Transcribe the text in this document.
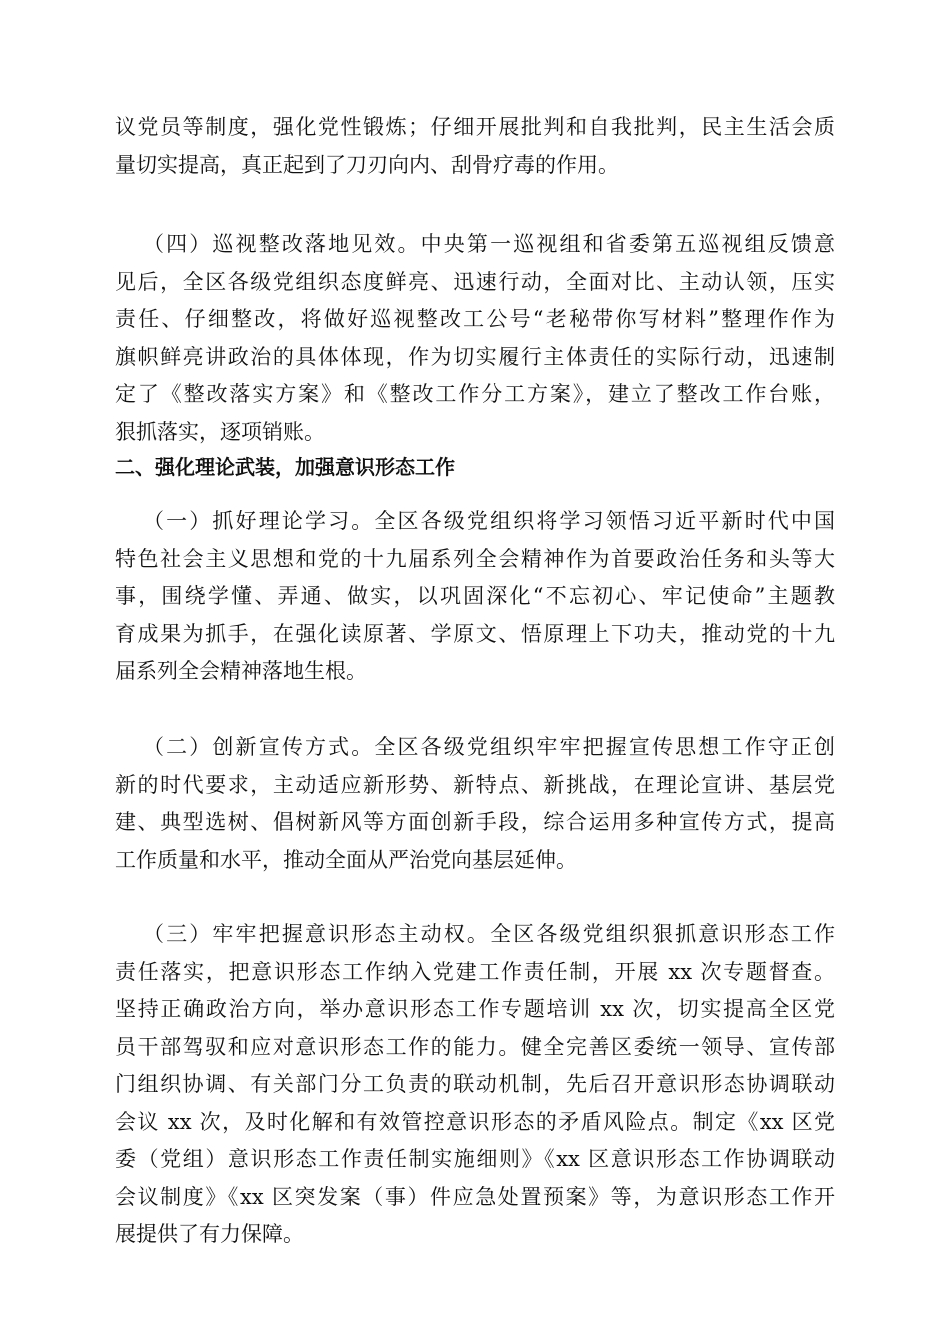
议党员等制度，强化党性锻炼；仔细开展批判和自我批判，民主生活会质
量切实提高，真正起到了刀刃向内、刮骨疗毒的作用。
（四）巡视整改落地见效。中央第一巡视组和省委第五巡视组反馈意
见后，全区各级党组织态度鲜亮、迅速行动，全面对比、主动认领，压实
责任、仔细整改，将做好巡视整改工公号“老秘带你写材料”整理作作为
旗帜鲜亮讲政治的具体体现，作为切实履行主体责任的实际行动，迅速制
定了《整改落实方案》和《整改工作分工方案》，建立了整改工作台账，
狠抓落实，逐项销账。
二、强化理论武装，加强意识形态工作
（一）抓好理论学习。全区各级党组织将学习领悟习近平新时代中国
特色社会主义思想和党的十九届系列全会精神作为首要政治任务和头等大
事，围绕学懂、弄通、做实，以巩固深化“不忘初心、牢记使命”主题教
育成果为抓手，在强化读原著、学原文、悟原理上下功夫，推动党的十九
届系列全会精神落地生根。
（二）创新宣传方式。全区各级党组织牢牢把握宣传思想工作守正创
新的时代要求，主动适应新形势、新特点、新挑战，在理论宣讲、基层党
建、典型选树、倡树新风等方面创新手段，综合运用多种宣传方式，提高
工作质量和水平，推动全面从严治党向基层延伸。
（三）牢牢把握意识形态主动权。全区各级党组织狠抓意识形态工作
责任落实，把意识形态工作纳入党建工作责任制，开展 xx 次专题督查。
坚持正确政治方向，举办意识形态工作专题培训 xx 次，切实提高全区党
员干部驾驭和应对意识形态工作的能力。健全完善区委统一领导、宣传部
门组织协调、有关部门分工负责的联动机制，先后召开意识形态协调联动
会议 xx 次，及时化解和有效管控意识形态的矛盾风险点。制定《xx 区党
委（党组）意识形态工作责任制实施细则》《xx 区意识形态工作协调联动
会议制度》《xx 区突发案（事）件应急处置预案》等，为意识形态工作开
展提供了有力保障。
